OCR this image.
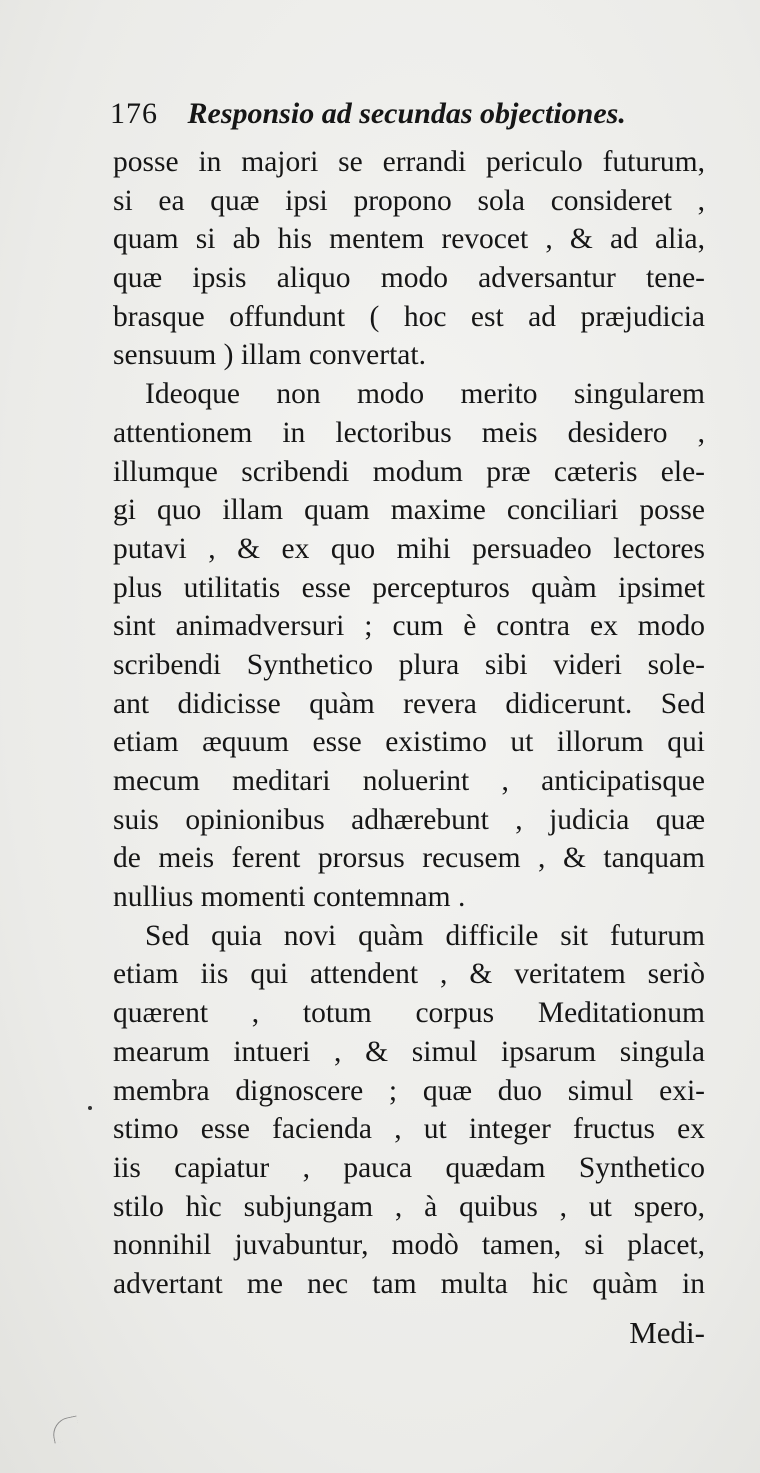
176 Responsio ad secundas objectiones.
posse in majori se errandi periculo futurum,
si ea quæ ipsi propono sola consideret ,
quam si ab his mentem revocet , & ad alia,
quæ ipsis aliquo modo adversantur tene-
brasque offundunt ( hoc est ad præjudicia
sensuum ) illam convertat.
Ideoque non modo merito singularem
attentionem in lectoribus meis desidero ,
illumque scribendi modum præ cæteris ele-
gi quo illam quam maxime conciliari posse
putavi , & ex quo mihi persuadeo lectores
plus utilitatis esse percepturos quàm ipsimet
sint animadversuri ; cum è contra ex modo
scribendi Synthetico plura sibi videri sole-
ant didicisse quàm revera didicerunt. Sed
etiam æquum esse existimo ut illorum qui
mecum meditari noluerint , anticipatisque
suis opinionibus adhærebunt , judicia quæ
de meis ferent prorsus recusem , & tanquam
nullius momenti contemnam .
Sed quia novi quàm difficile sit futurum
etiam iis qui attendent , & veritatem seriò
quærent , totum corpus Meditationum
mearum intueri , & simul ipsarum singula
membra dignoscere ; quæ duo simul exi-
stimo esse facienda , ut integer fructus ex
iis capiatur , pauca quædam Synthetico
stilo hìc subjungam , à quibus , ut spero,
nonnihil juvabuntur, modò tamen, si placet,
advertant me nec tam multa hic quàm in
Medi-
